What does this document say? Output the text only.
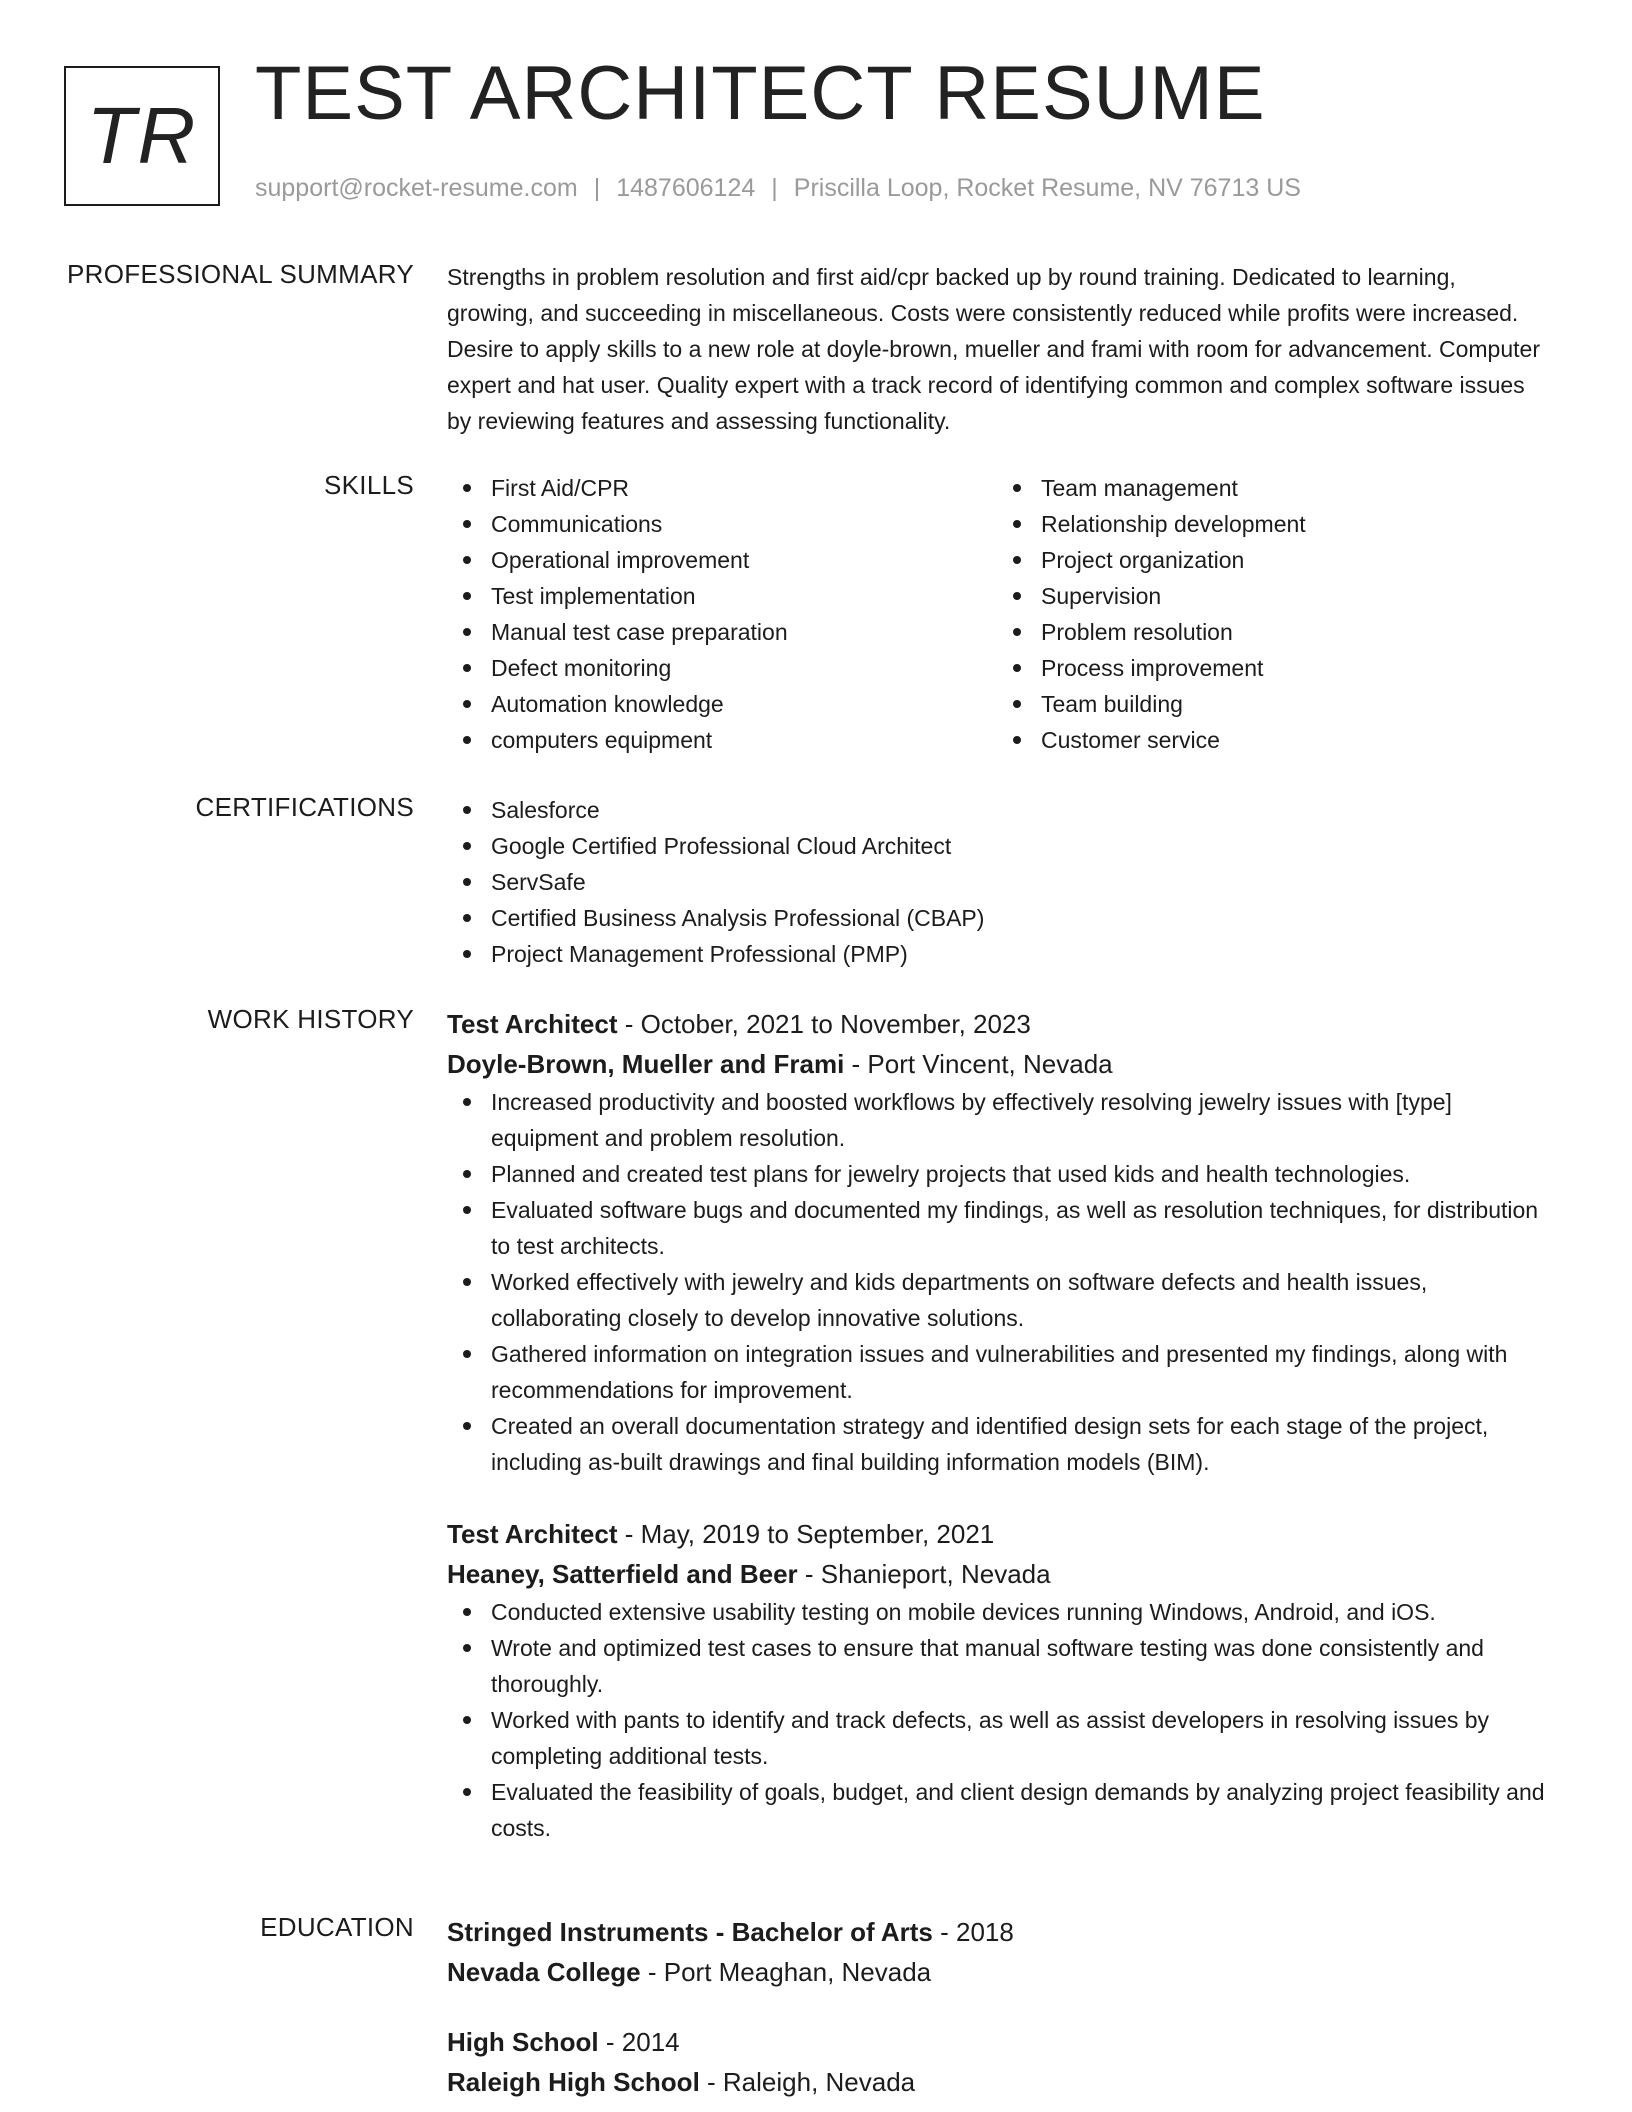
TR TEST ARCHITECT RESUME
support@rocket-resume.com | 1487606124 | Priscilla Loop, Rocket Resume, NV 76713 US
PROFESSIONAL SUMMARY Strengths in problem resolution and first aid/cpr backed up by round training. Dedicated to learning, growing, and succeeding in miscellaneous. Costs were consistently reduced while profits were increased. Desire to apply skills to a new role at doyle-brown, mueller and frami with room for advancement. Computer expert and hat user. Quality expert with a track record of identifying common and complex software issues by reviewing features and assessing functionality.
SKILLS	First Aid/CPR
Communications
Operational improvement
Test implementation
Manual test case preparation
Defect monitoring
Automation knowledge
computers equipment
Team management
Relationship development
Project organization
Supervision
Problem resolution
Process improvement
Team building
Customer service
CERTIFICATIONS	Salesforce
Google Certified Professional Cloud Architect
ServSafe
Certified Business Analysis Professional (CBAP)
Project Management Professional (PMP)
WORK HISTORY Test Architect - October, 2021 to November, 2023
Doyle-Brown, Mueller and Frami - Port Vincent, Nevada
Increased productivity and boosted workflows by effectively resolving jewelry issues with [type] equipment and problem resolution.
Planned and created test plans for jewelry projects that used kids and health technologies.
Evaluated software bugs and documented my findings, as well as resolution techniques, for distribution to test architects.
Worked effectively with jewelry and kids departments on software defects and health issues, collaborating closely to develop innovative solutions.
Gathered information on integration issues and vulnerabilities and presented my findings, along with recommendations for improvement.
Created an overall documentation strategy and identified design sets for each stage of the project, including as-built drawings and final building information models (BIM).
Test Architect - May, 2019 to September, 2021
Heaney, Satterfield and Beer - Shanieport, Nevada
Conducted extensive usability testing on mobile devices running Windows, Android, and iOS.
Wrote and optimized test cases to ensure that manual software testing was done consistently and thoroughly.
Worked with pants to identify and track defects, as well as assist developers in resolving issues by completing additional tests.
Evaluated the feasibility of goals, budget, and client design demands by analyzing project feasibility and costs.
EDUCATION Stringed Instruments - Bachelor of Arts - 2018
Nevada College - Port Meaghan, Nevada
High School - 2014
Raleigh High School - Raleigh, Nevada
